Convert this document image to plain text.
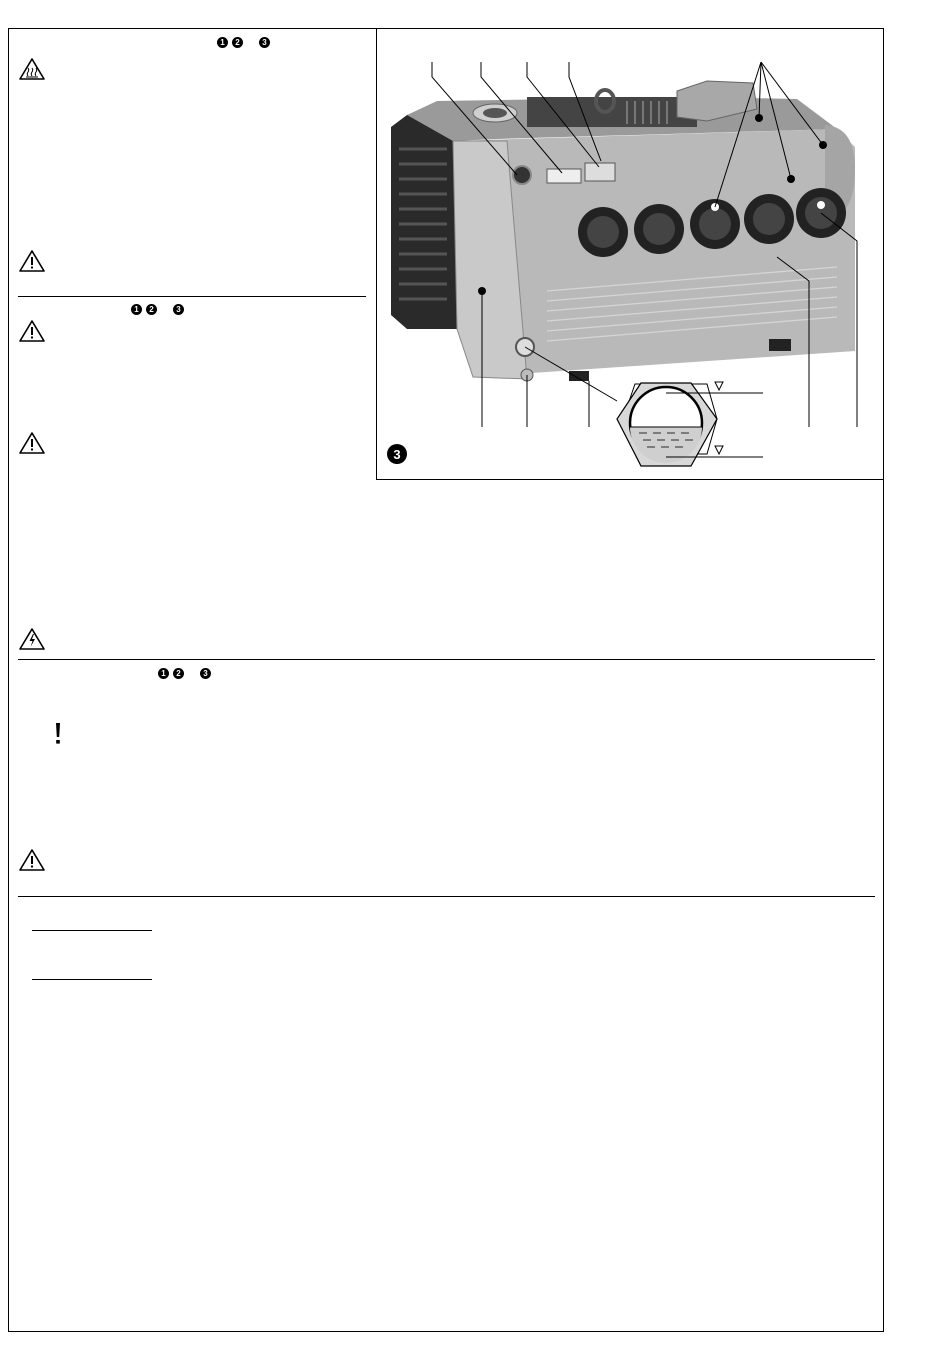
1	2	3
1	2	3
1	2	3
3
